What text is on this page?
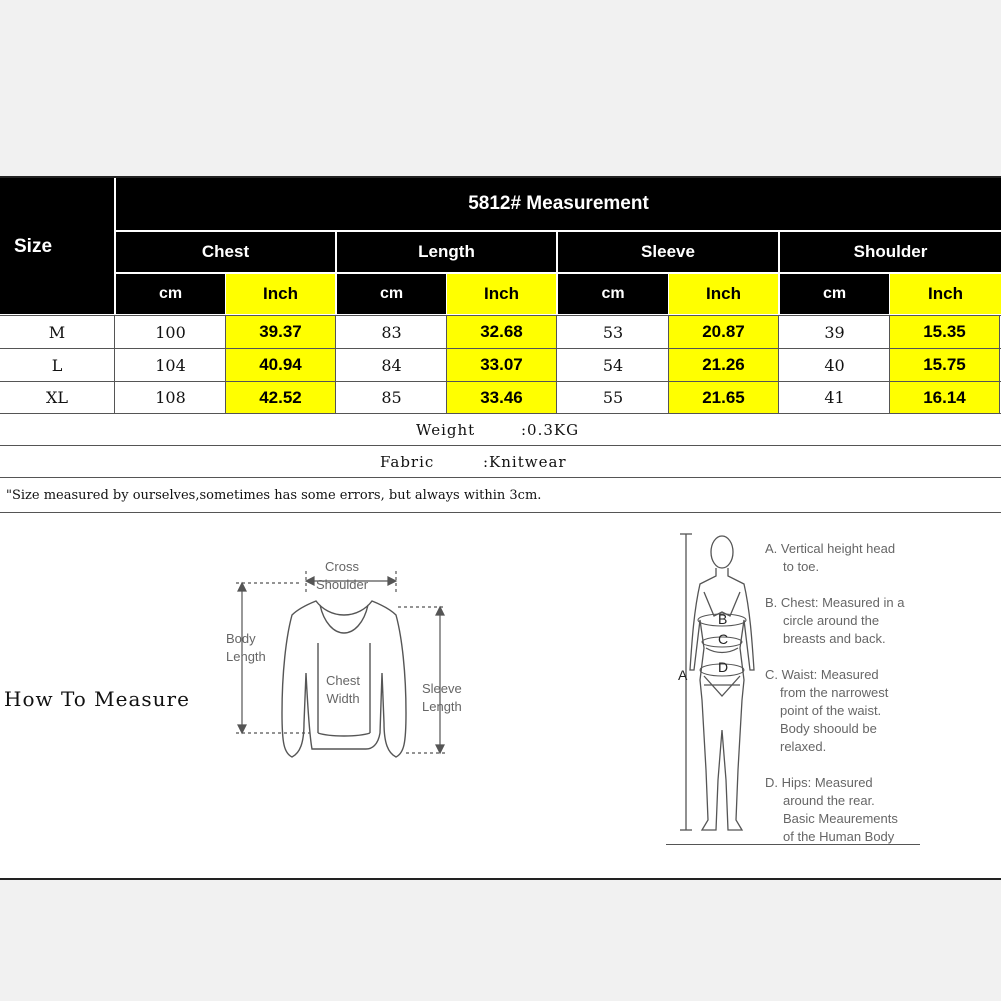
Size
5812# Measurement
Chest	Length	Sleeve	Shoulder
cm	Inch	cm	Inch	cm	Inch	cm	Inch
M	100	39.37	83	32.68	53	20.87	39	15.35
L	104	40.94	84	33.07	54	21.26	40	15.75
XL	108	42.52	85	33.46	55	21.65	41	16.14
Weight	:0.3KG
Fabric	:Knitwear
"Size measured by ourselves,sometimes has some errors, but always within 3cm.
How To Measure
Cross
Shoulder
Body
Length
Chest
Width
Sleeve
Length
A
B
C
D
A. Vertical height head
to toe.
B. Chest: Measured in a
circle around the
breasts and back.
C. Waist: Measured
from the narrowest
point of the waist.
Body shoould be
relaxed.
D. Hips: Measured
around the rear.
Basic Meaurements
of the Human Body
